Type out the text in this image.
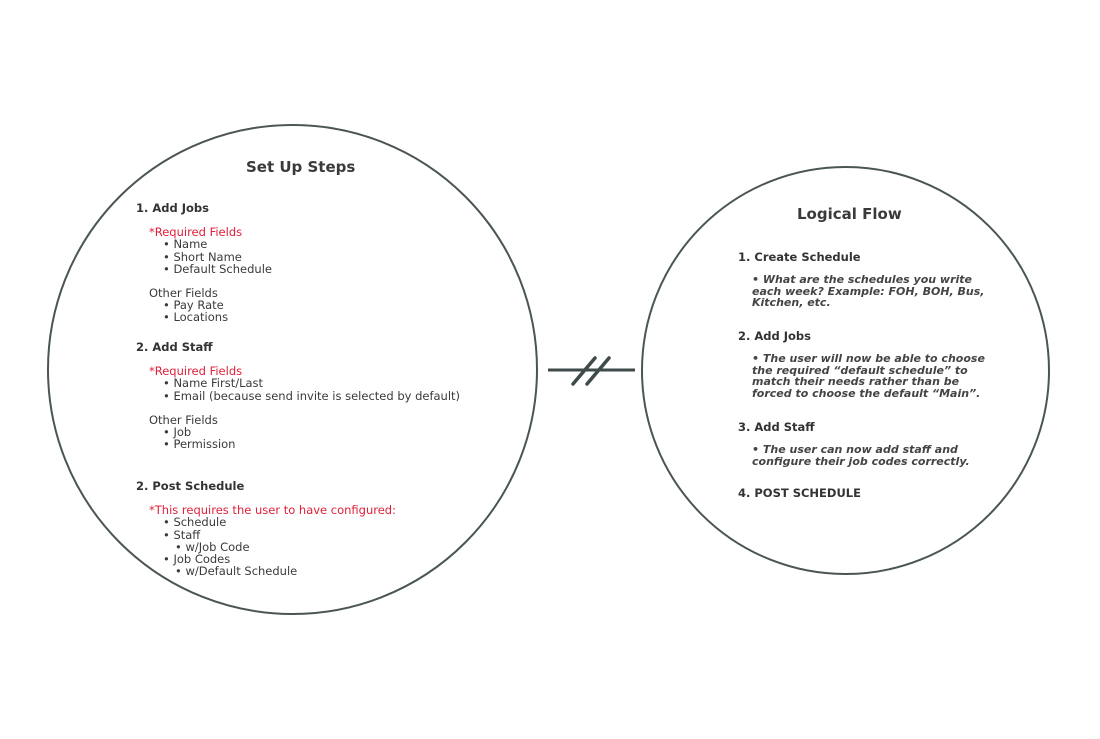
Set Up Steps
1. Add Jobs
*Required Fields
• Name
• Short Name
• Default Schedule
Other Fields
• Pay Rate
• Locations
2. Add Staff
*Required Fields
• Name First/Last
• Email (because send invite is selected by default)
Other Fields
• Job
• Permission
2. Post Schedule
*This requires the user to have configured:
• Schedule
• Staff
• w/Job Code
• Job Codes
• w/Default Schedule
Logical Flow
1. Create Schedule
• What are the schedules you write
each week? Example: FOH, BOH, Bus,
Kitchen, etc.
2. Add Jobs
• The user will now be able to choose
the required “default schedule” to
match their needs rather than be
forced to choose the default “Main”.
3. Add Staff
• The user can now add staff and
configure their job codes correctly.
4. POST SCHEDULE
